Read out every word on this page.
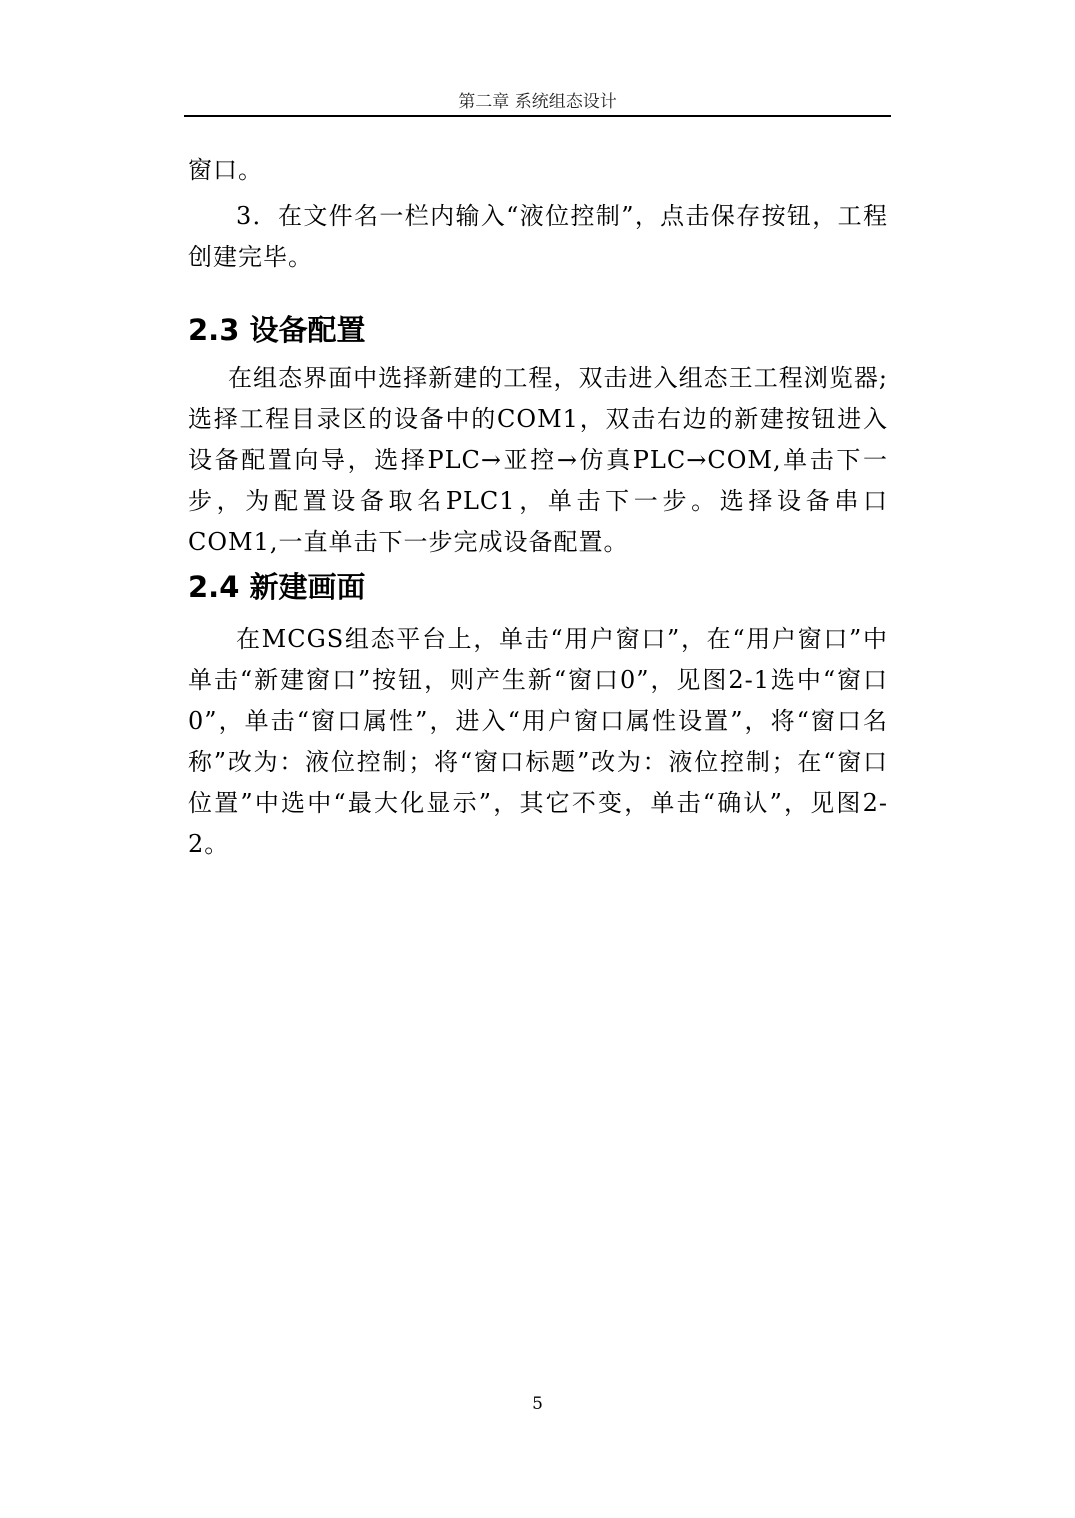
第二章 系统组态设计

窗口。

3．在文件名一栏内输入“液位控制”，点击保存按钮，工程创建完毕。

2.3 设备配置

在组态界面中选择新建的工程，双击进入组态王工程浏览器;选择工程目录区的设备中的COM1，双击右边的新建按钮进入设备配置向导，选择PLC→亚控→仿真PLC→COM,单击下一步，为配置设备取名PLC1，单击下一步。选择设备串口COM1,一直单击下一步完成设备配置。

2.4 新建画面

在MCGS组态平台上，单击“用户窗口”，在“用户窗口”中单击“新建窗口”按钮，则产生新“窗口0”，见图2-1选中“窗口0”，单击“窗口属性”，进入“用户窗口属性设置”，将“窗口名称”改为：液位控制；将“窗口标题”改为：液位控制；在“窗口位置”中选中“最大化显示”，其它不变，单击“确认”，见图2-2。

5
